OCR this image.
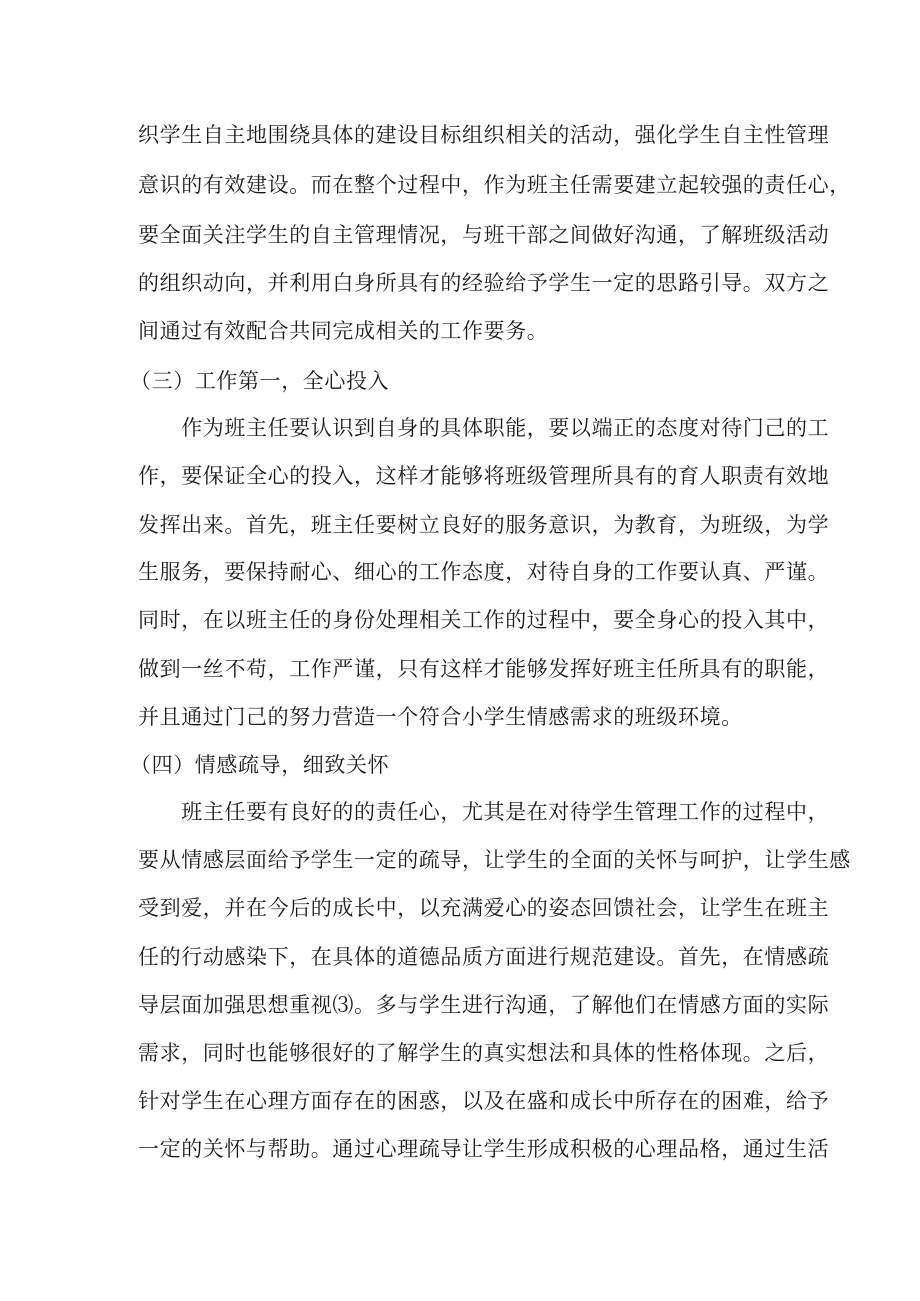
织学生自主地围绕具体的建设目标组织相关的活动，强化学生自主性管理
意识的有效建设。而在整个过程中，作为班主任需要建立起较强的责任心，
要全面关注学生的自主管理情况，与班干部之间做好沟通，了解班级活动
的组织动向，并利用白身所具有的经验给予学生一定的思路引导。双方之
间通过有效配合共同完成相关的工作要务。
（三）工作第一，全心投入
　　作为班主任要认识到自身的具体职能，要以端正的态度对待门己的工
作，要保证全心的投入，这样才能够将班级管理所具有的育人职责有效地
发挥出来。首先，班主任要树立良好的服务意识，为教育，为班级，为学
生服务，要保持耐心、细心的工作态度，对待自身的工作要认真、严谨。
同时，在以班主任的身份处理相关工作的过程中，要全身心的投入其中，
做到一丝不苟，工作严谨，只有这样才能够发挥好班主任所具有的职能，
并且通过门己的努力营造一个符合小学生情感需求的班级环境。
（四）情感疏导，细致关怀
　　班主任要有良好的的责任心，尤其是在对待学生管理工作的过程中，
要从情感层面给予学生一定的疏导，让学生的全面的关怀与呵护，让学生感
受到爱，并在今后的成长中，以充满爱心的姿态回馈社会，让学生在班主
任的行动感染下，在具体的道德品质方面进行规范建设。首先，在情感疏
导层面加强思想重视⑶。多与学生进行沟通，了解他们在情感方面的实际
需求，同时也能够很好的了解学生的真实想法和具体的性格体现。之后，
针对学生在心理方面存在的困惑，以及在盛和成长中所存在的困难，给予
一定的关怀与帮助。通过心理疏导让学生形成积极的心理品格，通过生活
